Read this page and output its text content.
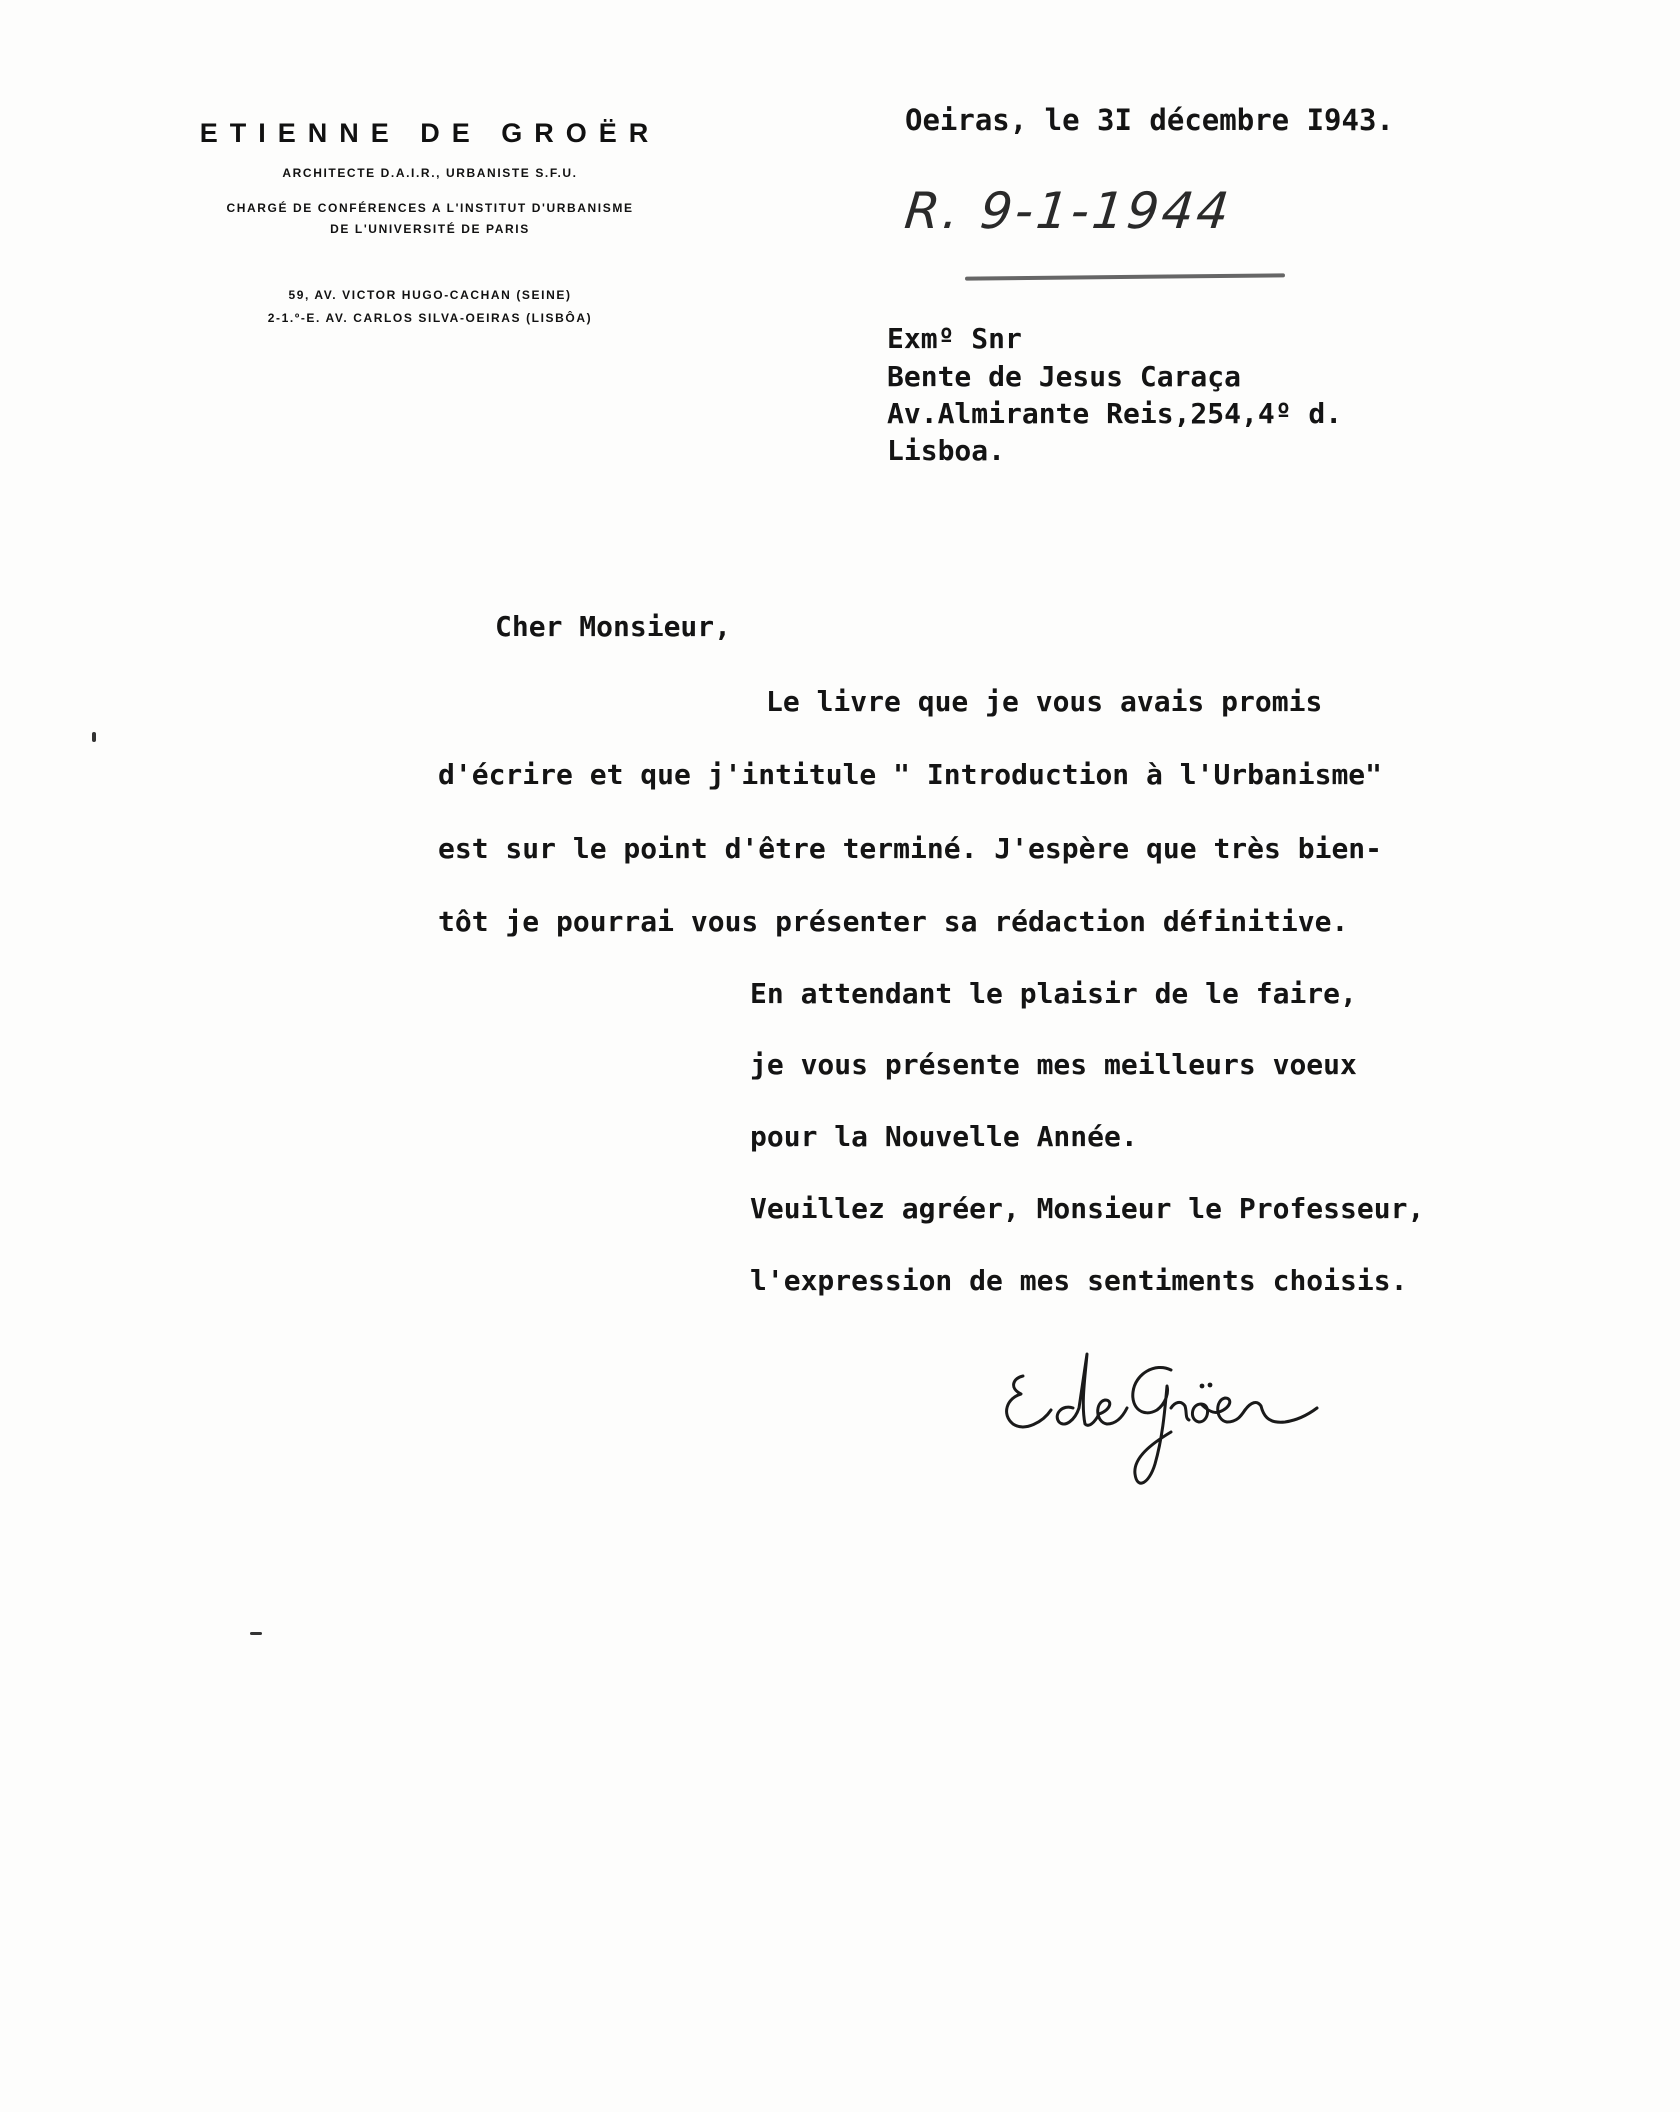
ETIENNE DE GROËR
ARCHITECTE D.A.I.R., URBANISTE S.F.U.
CHARGÉ DE CONFÉRENCES A L'INSTITUT D'URBANISME
DE L'UNIVERSITÉ DE PARIS
59, AV. VICTOR HUGO-CACHAN (SEINE)
2-1.º-E. AV. CARLOS SILVA-OEIRAS (LISBÔA)
Oeiras, le 3I décembre I943.
R. 9-1-1944
Exmº Snr
Bente de Jesus Caraça
Av.Almirante Reis,254,4º d.
Lisboa.
Cher Monsieur,
Le livre que je vous avais promis
d'écrire et que j'intitule " Introduction à l'Urbanisme"
est sur le point d'être terminé. J'espère que très bien-
tôt je pourrai vous présenter sa rédaction définitive.
En attendant le plaisir de le faire,
je vous présente mes meilleurs voeux
pour la Nouvelle Année.
Veuillez agréer, Monsieur le Professeur,
l'expression de mes sentiments choisis.
